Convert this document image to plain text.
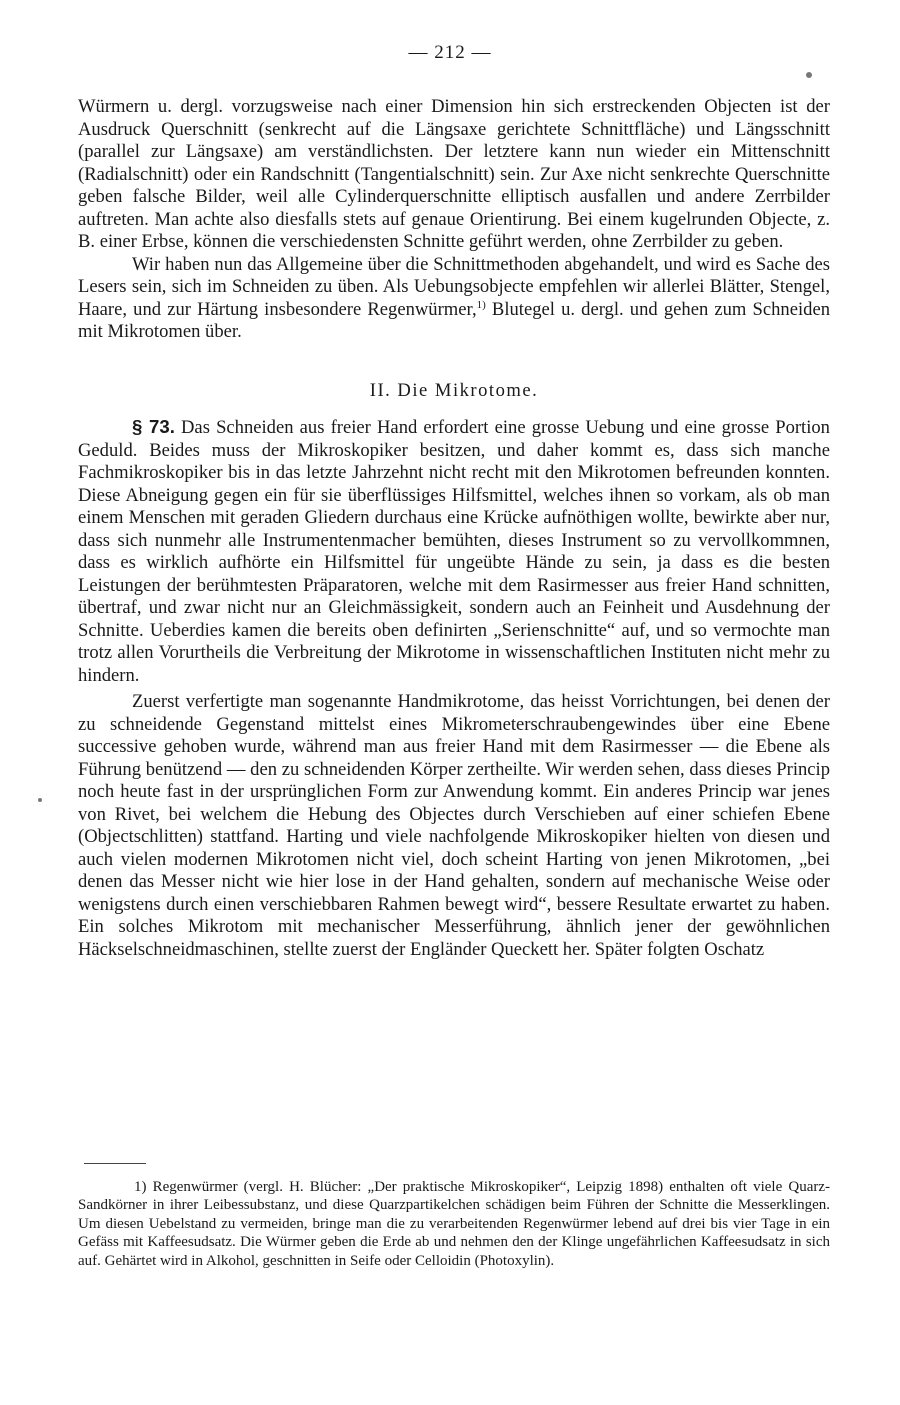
— 212 —

Würmern u. dergl. vorzugsweise nach einer Dimension hin sich erstreckenden Objecten ist der Ausdruck Querschnitt (senkrecht auf die Längsaxe gerichtete Schnittfläche) und Längsschnitt (parallel zur Längsaxe) am verständlichsten. Der letztere kann nun wieder ein Mittenschnitt (Radialschnitt) oder ein Randschnitt (Tangentialschnitt) sein. Zur Axe nicht senkrechte Querschnitte geben falsche Bilder, weil alle Cylinderquerschnitte elliptisch ausfallen und andere Zerrbilder auftreten. Man achte also diesfalls stets auf genaue Orientirung. Bei einem kugelrunden Objecte, z. B. einer Erbse, können die verschiedensten Schnitte geführt werden, ohne Zerrbilder zu geben.

Wir haben nun das Allgemeine über die Schnittmethoden abgehandelt, und wird es Sache des Lesers sein, sich im Schneiden zu üben. Als Uebungsobjecte empfehlen wir allerlei Blätter, Stengel, Haare, und zur Härtung insbesondere Regenwürmer,$^{1)}$ Blutegel u. dergl. und gehen zum Schneiden mit Mikrotomen über.

II. Die Mikrotome.

§ 73. Das Schneiden aus freier Hand erfordert eine grosse Uebung und eine grosse Portion Geduld. Beides muss der Mikroskopiker besitzen, und daher kommt es, dass sich manche Fachmikroskopiker bis in das letzte Jahrzehnt nicht recht mit den Mikrotomen befreunden konnten. Diese Abneigung gegen ein für sie überflüssiges Hilfsmittel, welches ihnen so vorkam, als ob man einem Menschen mit geraden Gliedern durchaus eine Krücke aufnöthigen wollte, bewirkte aber nur, dass sich nunmehr alle Instrumentenmacher bemühten, dieses Instrument so zu vervollkommnen, dass es wirklich aufhörte ein Hilfsmittel für ungeübte Hände zu sein, ja dass es die besten Leistungen der berühmtesten Präparatoren, welche mit dem Rasirmesser aus freier Hand schnitten, übertraf, und zwar nicht nur an Gleichmässigkeit, sondern auch an Feinheit und Ausdehnung der Schnitte. Ueberdies kamen die bereits oben definirten „Serienschnitte“ auf, und so vermochte man trotz allen Vorurtheils die Verbreitung der Mikrotome in wissenschaftlichen Instituten nicht mehr zu hindern.

Zuerst verfertigte man sogenannte Handmikrotome, das heisst Vorrichtungen, bei denen der zu schneidende Gegenstand mittelst eines Mikrometerschraubengewindes über eine Ebene successive gehoben wurde, während man aus freier Hand mit dem Rasirmesser — die Ebene als Führung benützend — den zu schneidenden Körper zertheilte. Wir werden sehen, dass dieses Princip noch heute fast in der ursprünglichen Form zur Anwendung kommt. Ein anderes Princip war jenes von Rivet, bei welchem die Hebung des Objectes durch Verschieben auf einer schiefen Ebene (Objectschlitten) stattfand. Harting und viele nachfolgende Mikroskopiker hielten von diesen und auch vielen modernen Mikrotomen nicht viel, doch scheint Harting von jenen Mikrotomen, „bei denen das Messer nicht wie hier lose in der Hand gehalten, sondern auf mechanische Weise oder wenigstens durch einen verschiebbaren Rahmen bewegt wird“, bessere Resultate erwartet zu haben. Ein solches Mikrotom mit mechanischer Messerführung, ähnlich jener der gewöhnlichen Häckselschneidmaschinen, stellte zuerst der Engländer Queckett her. Später folgten Oschatz

1) Regenwürmer (vergl. H. Blücher: „Der praktische Mikroskopiker“, Leipzig 1898) enthalten oft viele Quarz-Sandkörner in ihrer Leibessubstanz, und diese Quarzpartikelchen schädigen beim Führen der Schnitte die Messerklingen. Um diesen Uebelstand zu vermeiden, bringe man die zu verarbeitenden Regenwürmer lebend auf drei bis vier Tage in ein Gefäss mit Kaffeesudsatz. Die Würmer geben die Erde ab und nehmen den der Klinge ungefährlichen Kaffeesudsatz in sich auf. Gehärtet wird in Alkohol, geschnitten in Seife oder Celloidin (Photoxylin).
